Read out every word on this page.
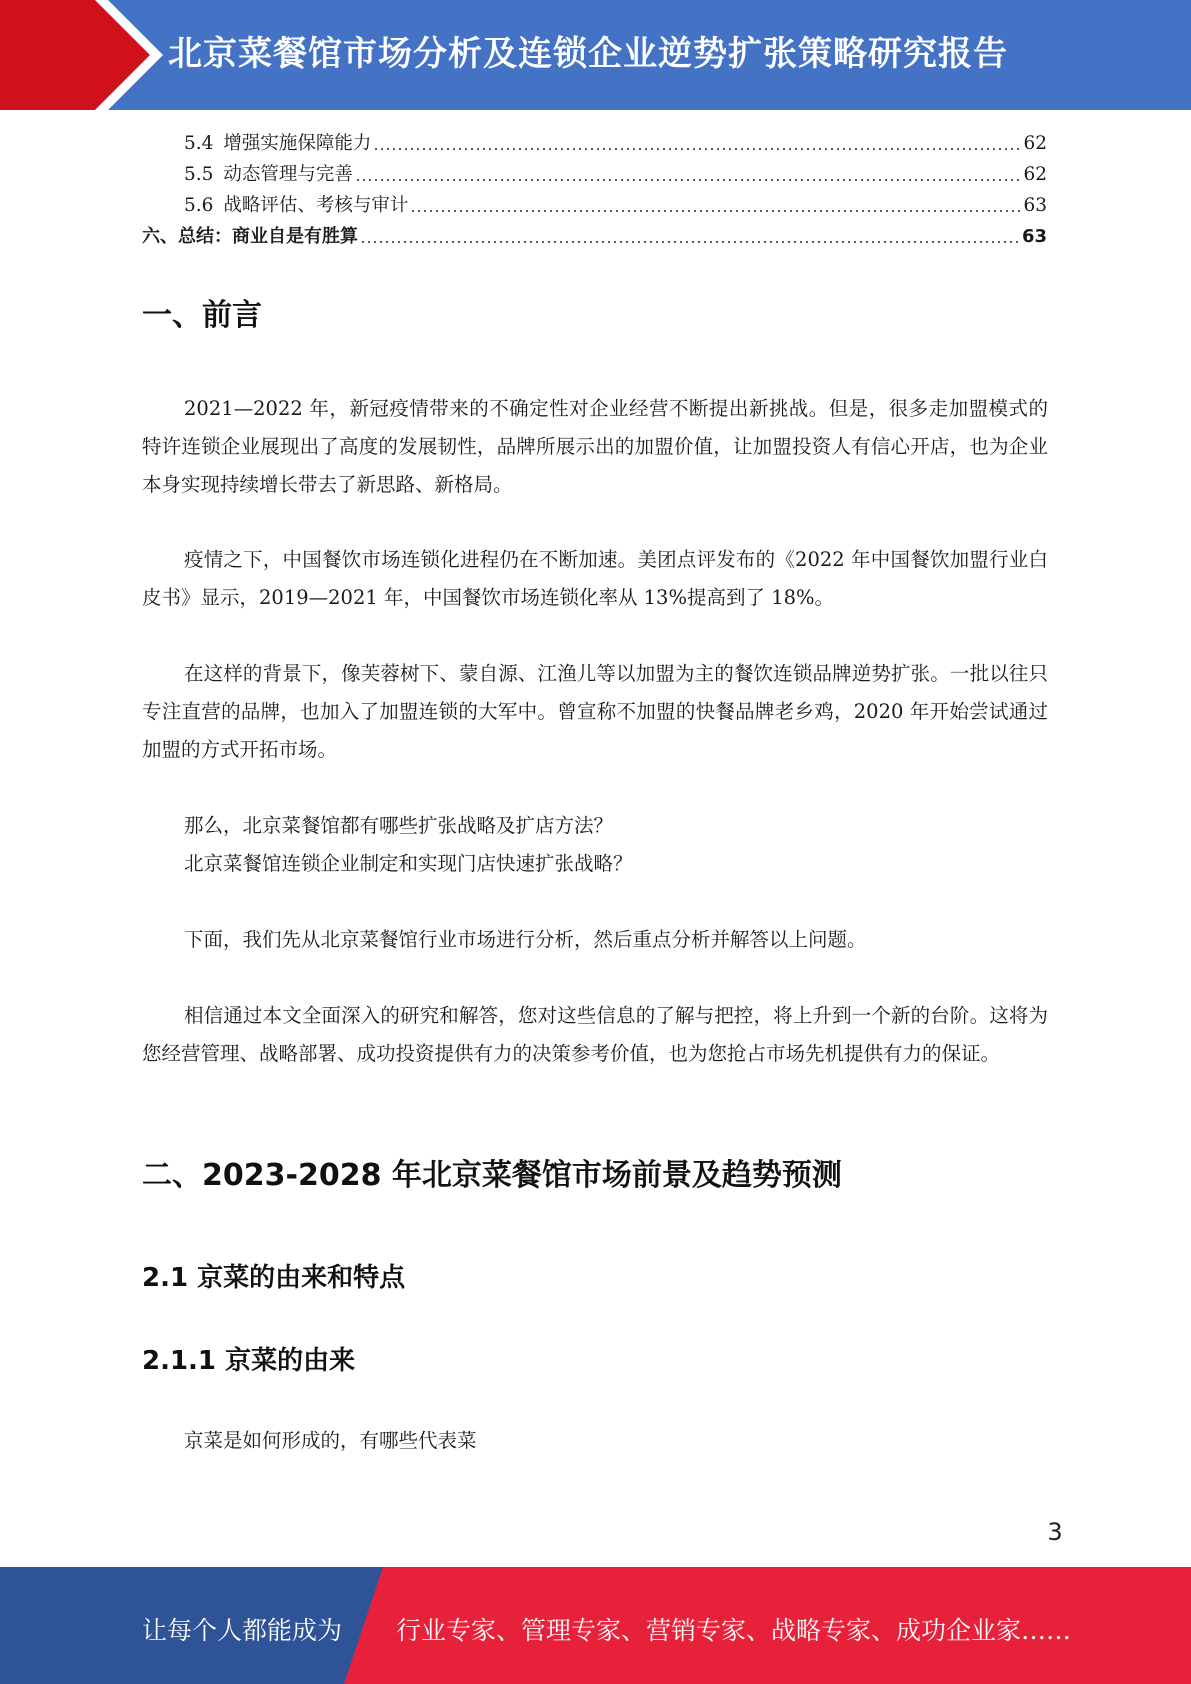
北京菜餐馆市场分析及连锁企业逆势扩张策略研究报告
5.4 增强实施保障能力	62
5.5 动态管理与完善	62
5.6 战略评估、考核与审计	63
六、总结：商业自是有胜算	63
一、前言

2021—2022 年，新冠疫情带来的不确定性对企业经营不断提出新挑战。但是，很多走加盟模式的特许连锁企业展现出了高度的发展韧性，品牌所展示出的加盟价值，让加盟投资人有信心开店，也为企业本身实现持续增长带去了新思路、新格局。

疫情之下，中国餐饮市场连锁化进程仍在不断加速。美团点评发布的《2022 年中国餐饮加盟行业白皮书》显示，2019—2021 年，中国餐饮市场连锁化率从 13%提高到了 18%。

在这样的背景下，像芙蓉树下、蒙自源、江渔儿等以加盟为主的餐饮连锁品牌逆势扩张。一批以往只专注直营的品牌，也加入了加盟连锁的大军中。曾宣称不加盟的快餐品牌老乡鸡，2020 年开始尝试通过加盟的方式开拓市场。

那么，北京菜餐馆都有哪些扩张战略及扩店方法？

北京菜餐馆连锁企业制定和实现门店快速扩张战略？

下面，我们先从北京菜餐馆行业市场进行分析，然后重点分析并解答以上问题。

相信通过本文全面深入的研究和解答，您对这些信息的了解与把控，将上升到一个新的台阶。这将为您经营管理、战略部署、成功投资提供有力的决策参考价值，也为您抢占市场先机提供有力的保证。

二、2023-2028 年北京菜餐馆市场前景及趋势预测
2.1 京菜的由来和特点
2.1.1 京菜的由来

京菜是如何形成的，有哪些代表菜

3
让每个人都能成为 行业专家、管理专家、营销专家、战略专家、成功企业家……
